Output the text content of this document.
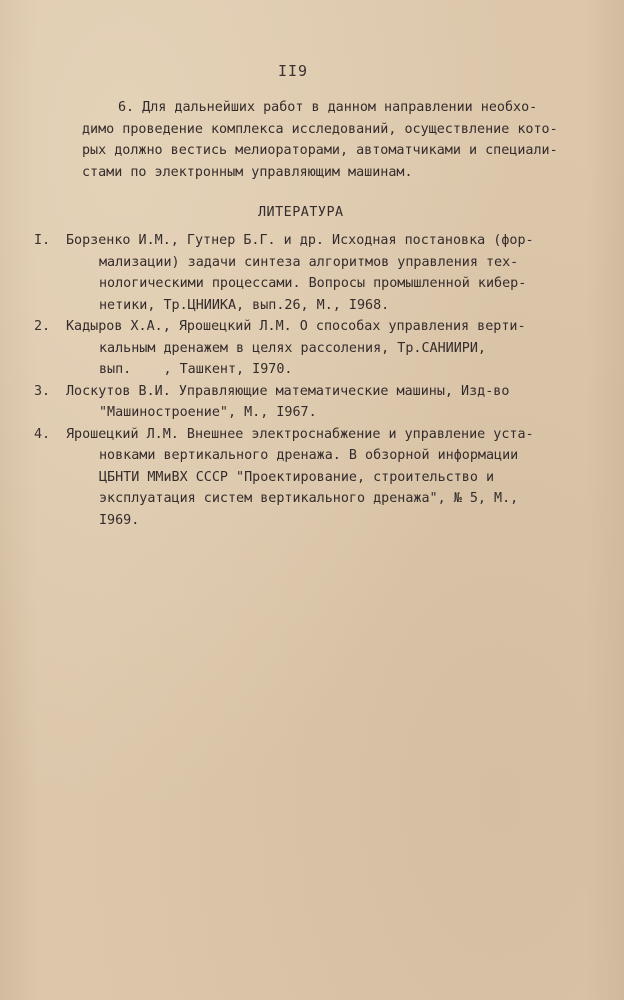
II9
6. Для дальнейших работ в данном направлении необхо-
димо проведение комплекса исследований, осуществление кото-
рых должно вестись мелиораторами, автоматчиками и специали-
стами по электронным управляющим машинам.
ЛИТЕРАТУРА
I.	Борзенко И.М., Гутнер Б.Г. и др. Исходная постановка (фор-
мализации) задачи синтеза алгоритмов управления тех-
нологическими процессами. Вопросы промышленной кибер-
нетики, Тр.ЦНИИКА, вып.26, М., I968.
2.	Кадыров Х.А., Ярошецкий Л.М. О способах управления верти-
кальным дренажем в целях рассоления, Тр.САНИИРИ,
вып.    , Ташкент, I970.
3.	Лоскутов В.И. Управляющие математические машины, Изд-во
"Машиностроение", М., I967.
4.	Ярошецкий Л.М. Внешнее электроснабжение и управление уста-
новками вертикального дренажа. В обзорной информации
ЦБНТИ ММиВХ СССР "Проектирование, строительство и
эксплуатация систем вертикального дренажа", № 5, М.,
I969.
